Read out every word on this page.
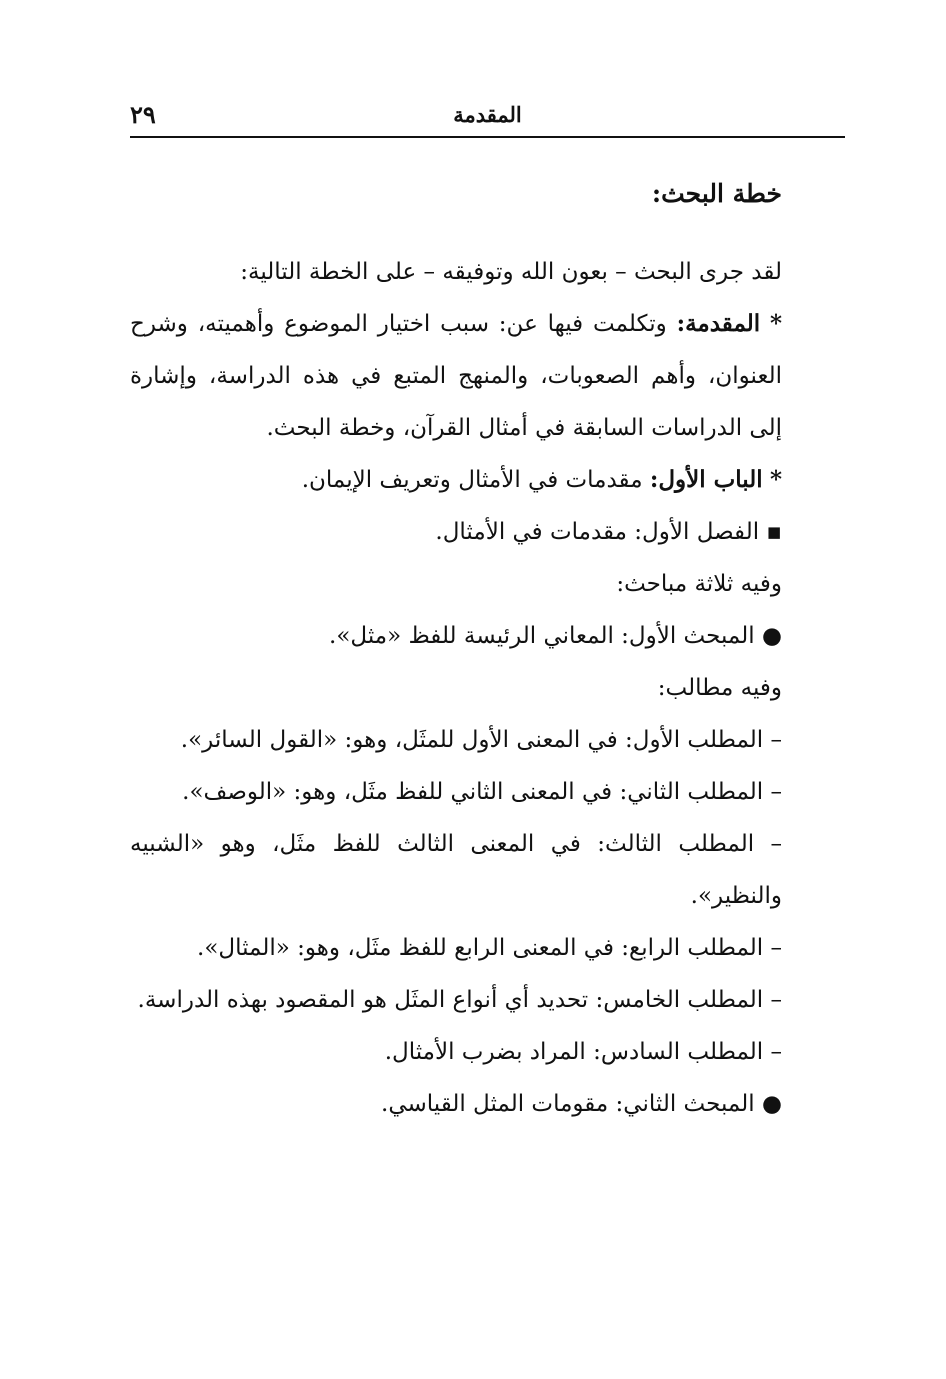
المقدمة
٢٩
خطة البحث:

لقد جرى البحث – بعون الله وتوفيقه – على الخطة التالية:

* المقدمة: وتكلمت فيها عن: سبب اختيار الموضوع وأهميته، وشرح العنوان، وأهم الصعوبات، والمنهج المتبع في هذه الدراسة، وإشارة إلى الدراسات السابقة في أمثال القرآن، وخطة البحث.

* الباب الأول: مقدمات في الأمثال وتعريف الإيمان.

▪ الفصل الأول: مقدمات في الأمثال.

وفيه ثلاثة مباحث:

● المبحث الأول: المعاني الرئيسة للفظ «مثل».

وفيه مطالب:

– المطلب الأول: في المعنى الأول للمثَل، وهو: «القول السائر».

– المطلب الثاني: في المعنى الثاني للفظ مثَل، وهو: «الوصف».

– المطلب الثالث: في المعنى الثالث للفظ مثَل، وهو «الشبيه والنظير».

– المطلب الرابع: في المعنى الرابع للفظ مثَل، وهو: «المثال».

– المطلب الخامس: تحديد أي أنواع المثَل هو المقصود بهذه الدراسة.

– المطلب السادس: المراد بضرب الأمثال.

● المبحث الثاني: مقومات المثل القياسي.
